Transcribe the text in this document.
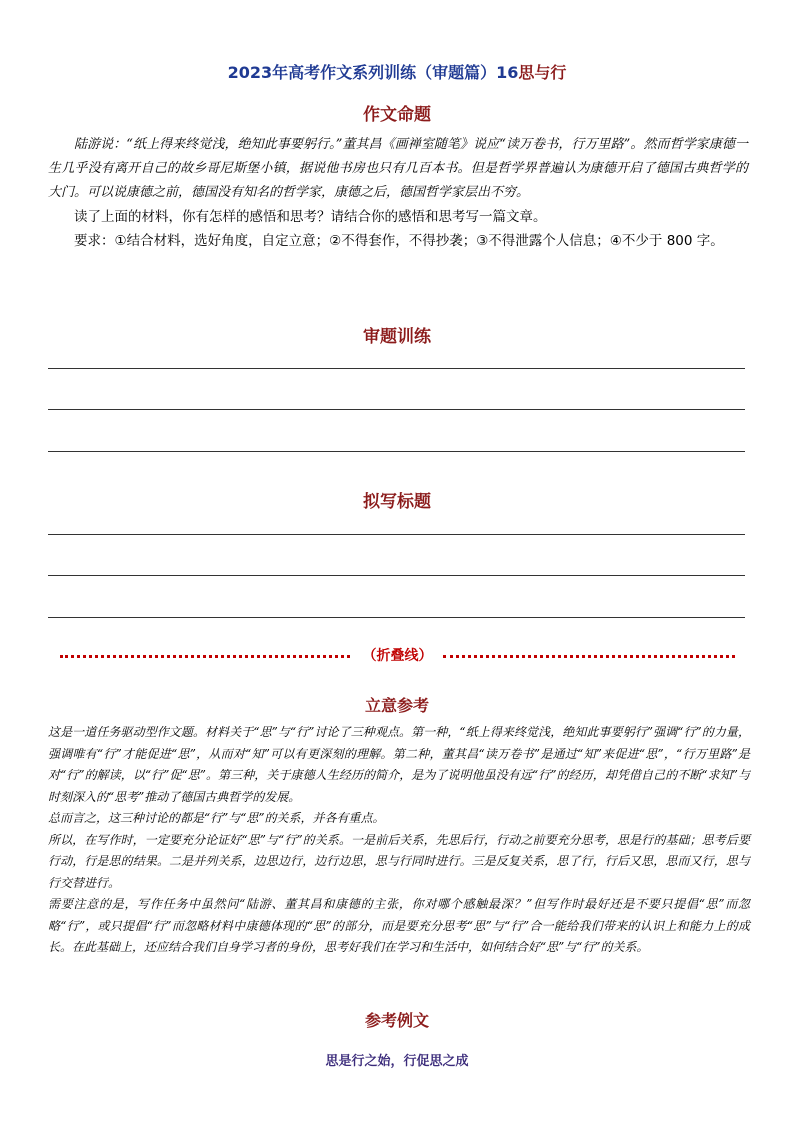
2023年高考作文系列训练（审题篇）16思与行
作文命题
陆游说：“纸上得来终觉浅，绝知此事要躬行。”董其昌《画禅室随笔》说应“读万卷书，行万里路”。然而哲学家康德一生几乎没有离开自己的故乡哥尼斯堡小镇，据说他书房也只有几百本书。但是哲学界普遍认为康德开启了德国古典哲学的大门。可以说康德之前，德国没有知名的哲学家，康德之后，德国哲学家层出不穷。
读了上面的材料，你有怎样的感悟和思考？请结合你的感悟和思考写一篇文章。
要求：①结合材料，选好角度，自定立意；②不得套作，不得抄袭；③不得泄露个人信息；④不少于 800 字。
审题训练
拟写标题
（折叠线）
立意参考

这是一道任务驱动型作文题。材料关于“思”与“行”讨论了三种观点。第一种，“纸上得来终觉浅，绝知此事要躬行”强调“行”的力量，强调唯有“行”才能促进“思”，从而对“知”可以有更深刻的理解。第二种，董其昌“读万卷书”是通过“知”来促进“思”，“行万里路”是对“行”的解读，以“行”促“思”。第三种，关于康德人生经历的简介，是为了说明他虽没有远“行”的经历，却凭借自己的不断“求知”与时刻深入的“思考”推动了德国古典哲学的发展。

总而言之，这三种讨论的都是“行”与“思”的关系，并各有重点。

所以，在写作时，一定要充分论证好“思”与“行”的关系。一是前后关系，先思后行，行动之前要充分思考，思是行的基础；思考后要行动，行是思的结果。二是并列关系，边思边行，边行边思，思与行同时进行。三是反复关系，思了行，行后又思，思而又行，思与行交替进行。

需要注意的是，写作任务中虽然问“陆游、董其昌和康德的主张，你对哪个感触最深？”但写作时最好还是不要只提倡“思”而忽略“行”，或只提倡“行”而忽略材料中康德体现的“思”的部分，而是要充分思考“思”与“行”合一能给我们带来的认识上和能力上的成长。在此基础上，还应结合我们自身学习者的身份，思考好我们在学习和生活中，如何结合好“思”与“行”的关系。

参考例文
思是行之始，行促思之成
